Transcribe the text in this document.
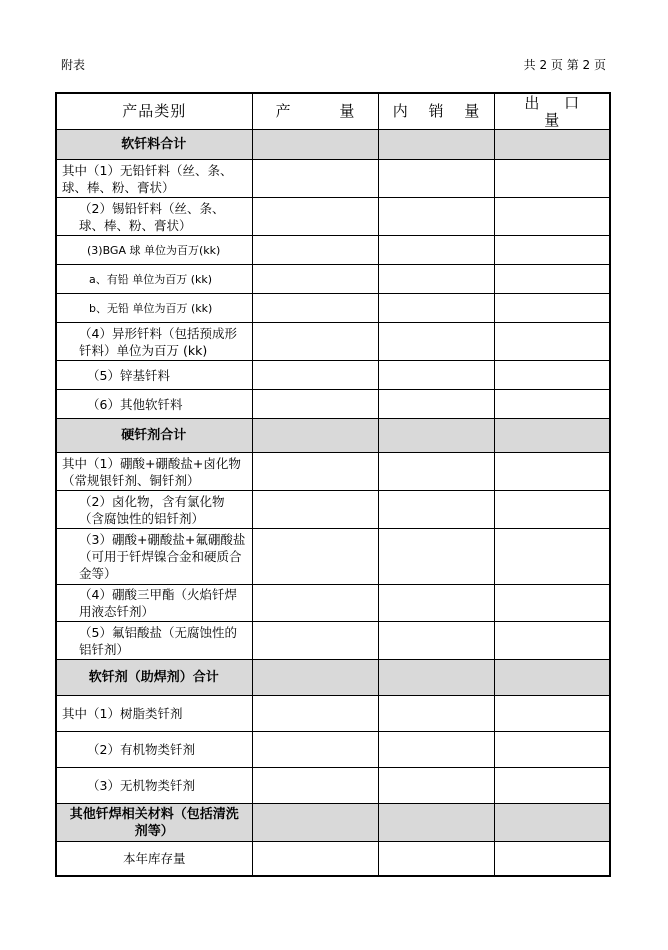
附表	共 2 页 第 2 页
产品类别	产 量	内 销 量	出 口 量
软钎料合计			
其中（1）无铅钎料（丝、条、球、棒、粉、膏状）			
（2）锡铅钎料（丝、条、球、棒、粉、膏状）			
(3)BGA 球 单位为百万(kk)			
a、有铅 单位为百万 (kk)			
b、无铅 单位为百万 (kk)			
（4）异形钎料（包括预成形钎料）单位为百万 (kk)			
（5）锌基钎料			
（6）其他软钎料			
硬钎剂合计			
其中（1）硼酸+硼酸盐+卤化物（常规银钎剂、铜钎剂）			
（2）卤化物，含有氯化物（含腐蚀性的铝钎剂）			
（3）硼酸+硼酸盐+氟硼酸盐（可用于钎焊镍合金和硬质合金等）			
（4）硼酸三甲酯（火焰钎焊用液态钎剂）			
（5）氟铝酸盐（无腐蚀性的铝钎剂）			
软钎剂（助焊剂）合计			
其中（1）树脂类钎剂			
（2）有机物类钎剂			
（3）无机物类钎剂			
其他钎焊相关材料（包括清洗剂等）			
本年库存量			
